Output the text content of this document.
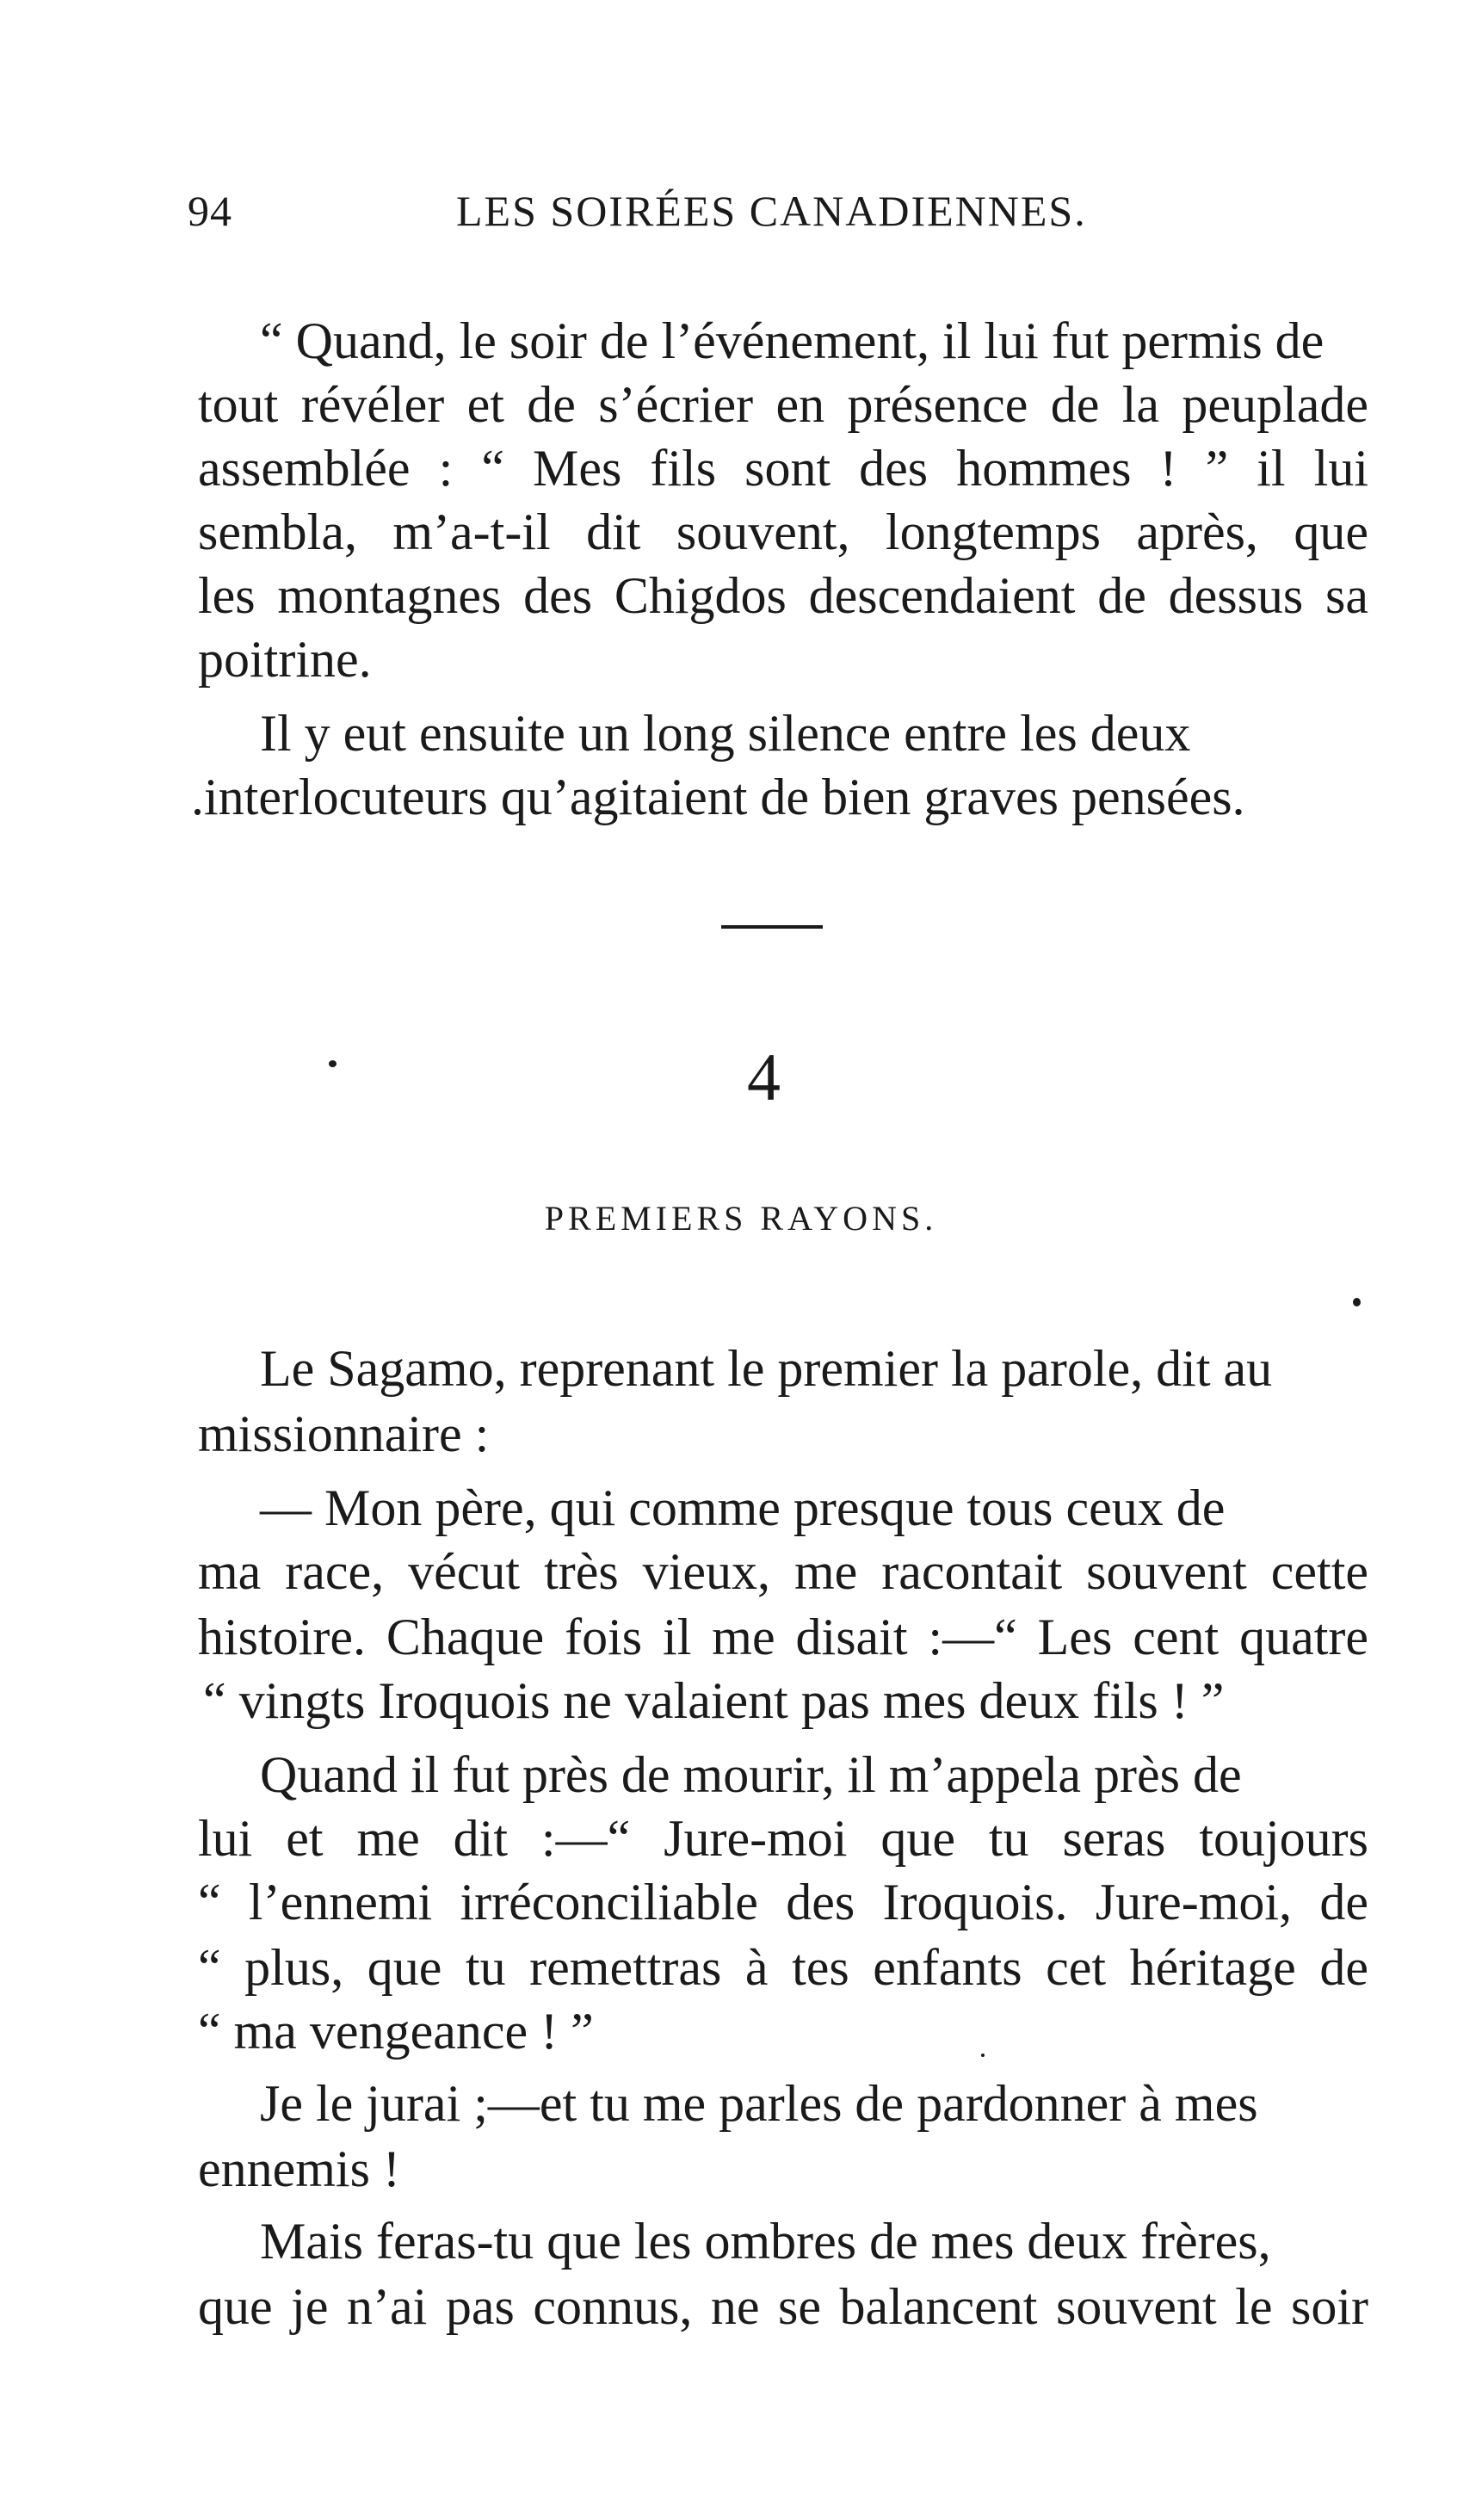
94	LES SOIRÉES CANADIENNES.
“ Quand, le soir de l’événement, il lui fut permis de
tout révéler et de s’écrier en présence de la peuplade
assemblée : “ Mes fils sont des hommes ! ” il lui
sembla, m’a-t-il dit souvent, longtemps après, que
les montagnes des Chigdos descendaient de dessus sa
poitrine.
Il y eut ensuite un long silence entre les deux
.interlocuteurs qu’agitaient de bien graves pensées.
4
PREMIERS RAYONS.
Le Sagamo, reprenant le premier la parole, dit au
missionnaire :
— Mon père, qui comme presque tous ceux de
ma race, vécut très vieux, me racontait souvent cette
histoire. Chaque fois il me disait :—“ Les cent quatre
“ vingts Iroquois ne valaient pas mes deux fils ! ”
Quand il fut près de mourir, il m’appela près de
lui et me dit :—“ Jure-moi que tu seras toujours
“ l’ennemi irréconciliable des Iroquois. Jure-moi, de
“ plus, que tu remettras à tes enfants cet héritage de
“ ma vengeance ! ”
Je le jurai ;—et tu me parles de pardonner à mes
ennemis !
Mais feras-tu que les ombres de mes deux frères,
que je n’ai pas connus, ne se balancent souvent le soir
